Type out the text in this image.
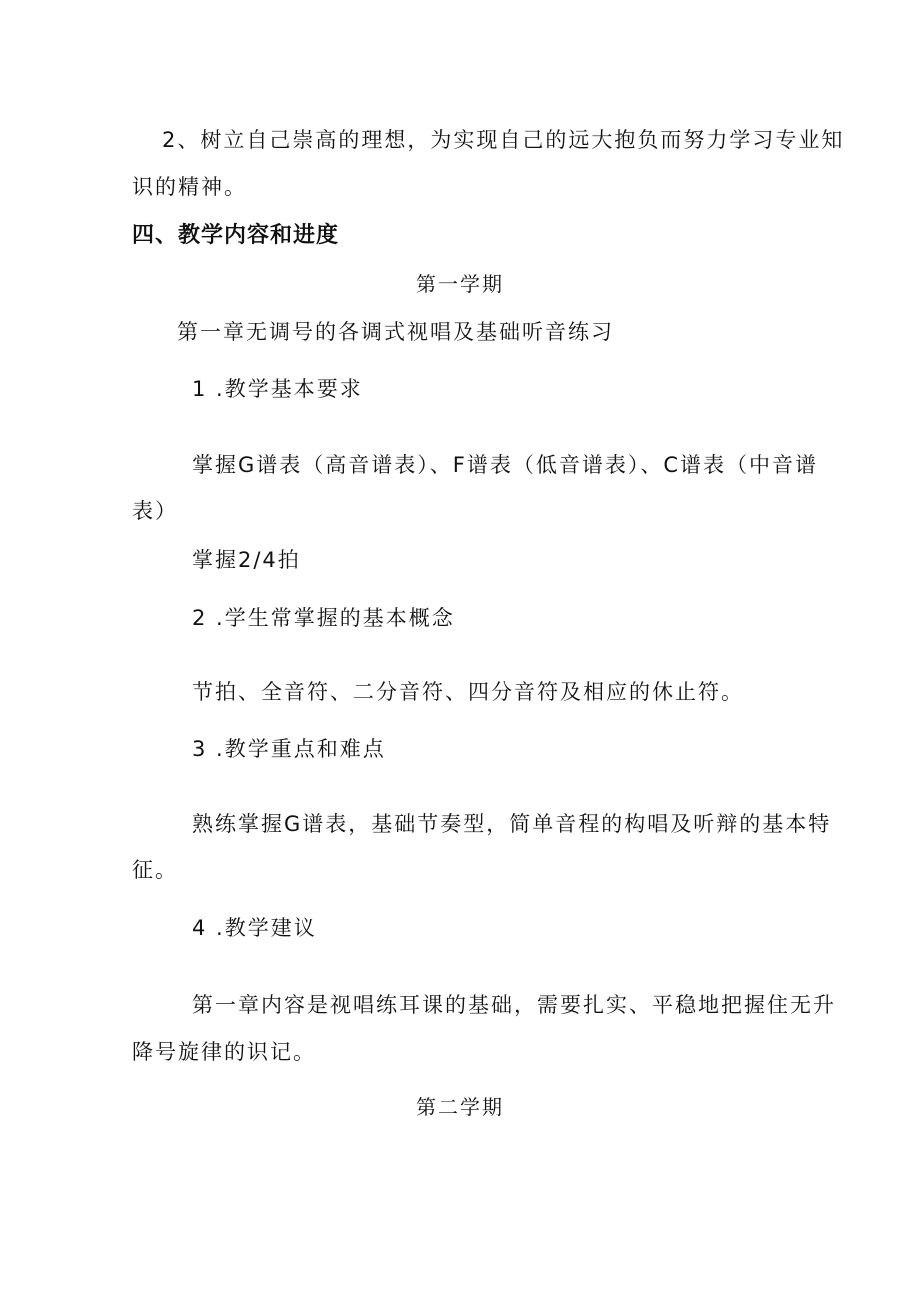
2、树立自己崇高的理想，为实现自己的远大抱负而努力学习专业知
识的精神。
四、教学内容和进度
第一学期
第一章无调号的各调式视唱及基础听音练习
1 .教学基本要求
掌握G谱表（高音谱表）、F谱表（低音谱表）、C谱表（中音谱
表）
掌握2/4拍
2 .学生常掌握的基本概念
节拍、全音符、二分音符、四分音符及相应的休止符。
3 .教学重点和难点
熟练掌握G谱表，基础节奏型，简单音程的构唱及听辩的基本特
征。
4 .教学建议
第一章内容是视唱练耳课的基础，需要扎实、平稳地把握住无升
降号旋律的识记。
第二学期
